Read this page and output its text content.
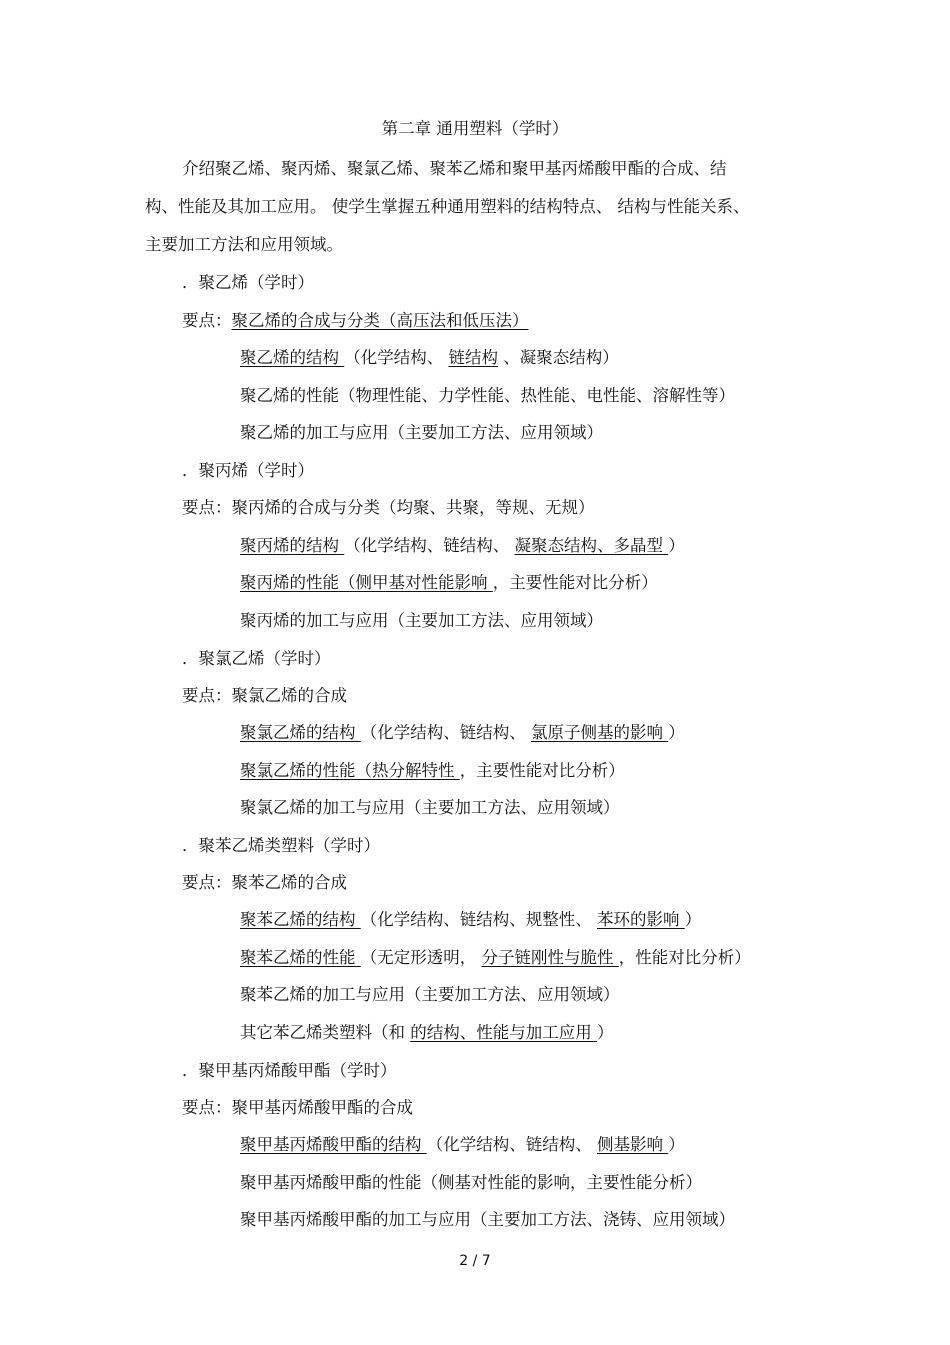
第二章 通用塑料（学时）
介绍聚乙烯、聚丙烯、聚氯乙烯、聚苯乙烯和聚甲基丙烯酸甲酯的合成、结
构、性能及其加工应用。 使学生掌握五种通用塑料的结构特点、 结构与性能关系、
主要加工方法和应用领域。
．聚乙烯（学时）
要点：聚乙烯的合成与分类（高压法和低压法）
聚乙烯的结构 （化学结构、 链结构 、凝聚态结构）
聚乙烯的性能（物理性能、力学性能、热性能、电性能、溶解性等）
聚乙烯的加工与应用（主要加工方法、应用领域）
．聚丙烯（学时）
要点：聚丙烯的合成与分类（均聚、共聚，等规、无规）
聚丙烯的结构 （化学结构、链结构、 凝聚态结构、多晶型 ）
聚丙烯的性能（侧甲基对性能影响 ，主要性能对比分析）
聚丙烯的加工与应用（主要加工方法、应用领域）
．聚氯乙烯（学时）
要点：聚氯乙烯的合成
聚氯乙烯的结构 （化学结构、链结构、 氯原子侧基的影响 ）
聚氯乙烯的性能（热分解特性 ，主要性能对比分析）
聚氯乙烯的加工与应用（主要加工方法、应用领域）
．聚苯乙烯类塑料（学时）
要点：聚苯乙烯的合成
聚苯乙烯的结构 （化学结构、链结构、规整性、 苯环的影响 ）
聚苯乙烯的性能 （无定形透明， 分子链刚性与脆性 ，性能对比分析）
聚苯乙烯的加工与应用（主要加工方法、应用领域）
其它苯乙烯类塑料（和 的结构、性能与加工应用 ）
．聚甲基丙烯酸甲酯（学时）
要点：聚甲基丙烯酸甲酯的合成
聚甲基丙烯酸甲酯的结构 （化学结构、链结构、 侧基影响 ）
聚甲基丙烯酸甲酯的性能（侧基对性能的影响，主要性能分析）
聚甲基丙烯酸甲酯的加工与应用（主要加工方法、浇铸、应用领域）
2 / 7
